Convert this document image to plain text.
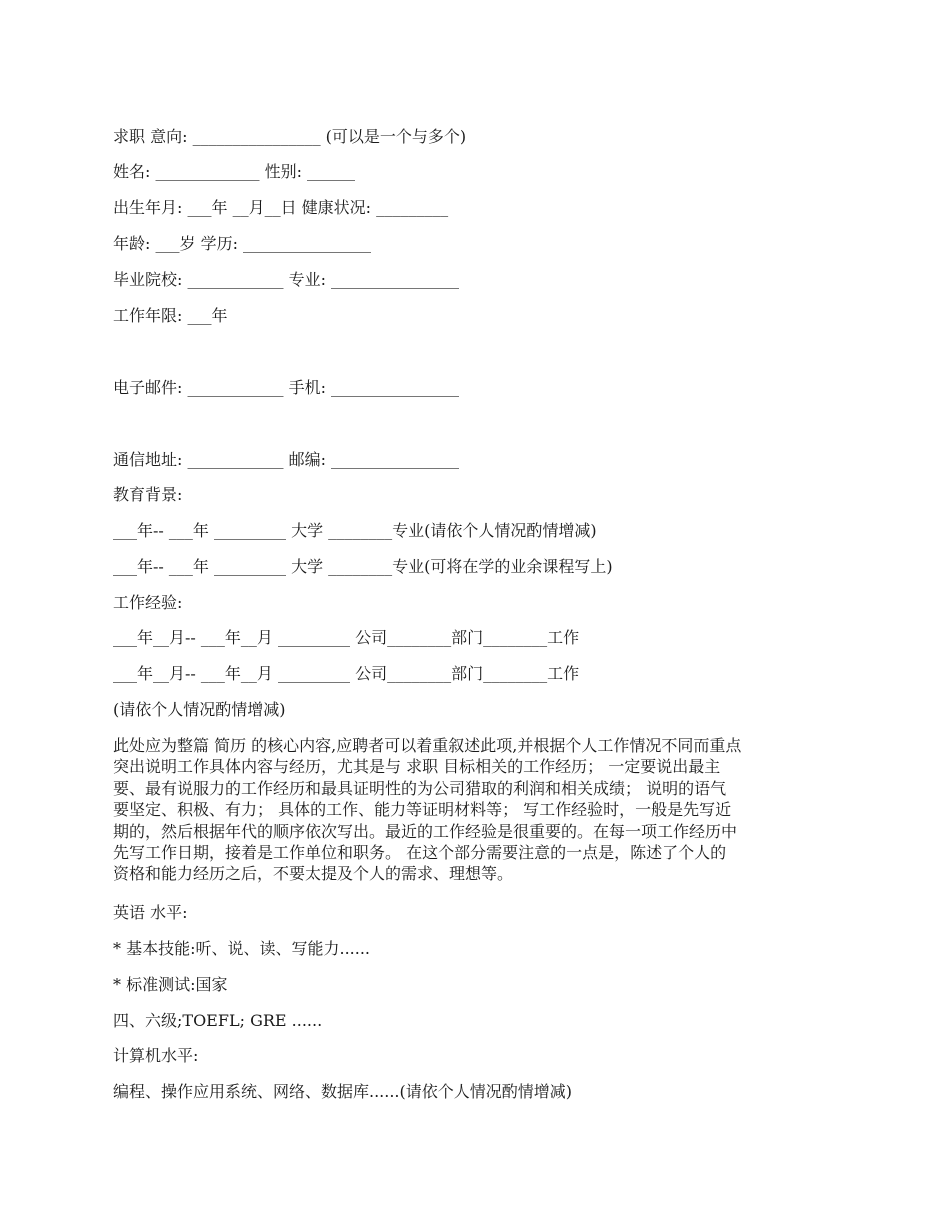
求职 意向: ________________ (可以是一个与多个)
姓名: _____________ 性别: ______
出生年月: ___年 __月__日 健康状况: _________
年龄: ___岁 学历: ________________
毕业院校: ____________ 专业: ________________
工作年限: ___年
电子邮件: ____________ 手机: ________________
通信地址: ____________ 邮编: ________________
教育背景:
___年-- ___年 _________ 大学 ________专业(请依个人情况酌情增减)
___年-- ___年 _________ 大学 ________专业(可将在学的业余课程写上)
工作经验:
___年__月-- ___年__月 _________ 公司________部门________工作
___年__月-- ___年__月 _________ 公司________部门________工作
(请依个人情况酌情增减)
此处应为整篇 简历 的核心内容,应聘者可以着重叙述此项,并根据个人工作情况不同而重点
突出说明工作具体内容与经历，尤其是与 求职 目标相关的工作经历； 一定要说出最主
要、最有说服力的工作经历和最具证明性的为公司猎取的利润和相关成绩； 说明的语气
要坚定、积极、有力； 具体的工作、能力等证明材料等； 写工作经验时，一般是先写近
期的，然后根据年代的顺序依次写出。最近的工作经验是很重要的。在每一项工作经历中
先写工作日期，接着是工作单位和职务。 在这个部分需要注意的一点是，陈述了个人的
资格和能力经历之后，不要太提及个人的需求、理想等。
英语 水平:
* 基本技能:听、说、读、写能力......
* 标准测试:国家
四、六级;TOEFL; GRE ......
计算机水平:
编程、操作应用系统、网络、数据库......(请依个人情况酌情增减)
